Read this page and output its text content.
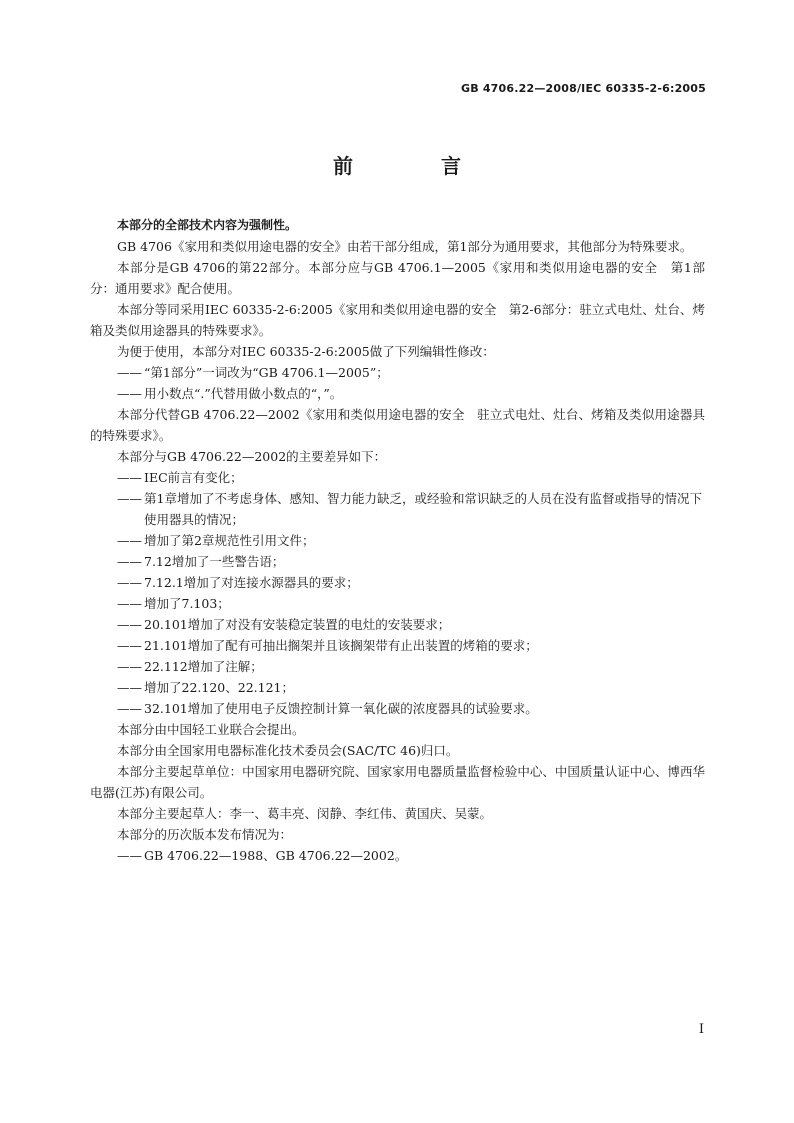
GB 4706.22—2008/IEC 60335-2-6:2005
前　言

本部分的全部技术内容为强制性。

GB 4706《家用和类似用途电器的安全》由若干部分组成，第1部分为通用要求，其他部分为特殊要求。

本部分是GB 4706的第22部分。本部分应与GB 4706.1—2005《家用和类似用途电器的安全　第1部分：通用要求》配合使用。

本部分等同采用IEC 60335-2-6:2005《家用和类似用途电器的安全　第2-6部分：驻立式电灶、灶台、烤箱及类似用途器具的特殊要求》。

为便于使用，本部分对IEC 60335-2-6:2005做了下列编辑性修改：

—— “第1部分”一词改为“GB 4706.1—2005”；

—— 用小数点“.”代替用做小数点的“，”。

本部分代替GB 4706.22—2002《家用和类似用途电器的安全　驻立式电灶、灶台、烤箱及类似用途器具的特殊要求》。

本部分与GB 4706.22—2002的主要差异如下：

—— IEC前言有变化；

—— 第1章增加了不考虑身体、感知、智力能力缺乏，或经验和常识缺乏的人员在没有监督或指导的情况下使用器具的情况；

—— 增加了第2章规范性引用文件；

—— 7.12增加了一些警告语；

—— 7.12.1增加了对连接水源器具的要求；

—— 增加了7.103；

—— 20.101增加了对没有安装稳定装置的电灶的安装要求；

—— 21.101增加了配有可抽出搁架并且该搁架带有止出装置的烤箱的要求；

—— 22.112增加了注解；

—— 增加了22.120、22.121；

—— 32.101增加了使用电子反馈控制计算一氧化碳的浓度器具的试验要求。

本部分由中国轻工业联合会提出。

本部分由全国家用电器标准化技术委员会(SAC/TC 46)归口。

本部分主要起草单位：中国家用电器研究院、国家家用电器质量监督检验中心、中国质量认证中心、博西华电器(江苏)有限公司。

本部分主要起草人：李一、葛丰亮、闵静、李红伟、黄国庆、吴蒙。

本部分的历次版本发布情况为：

—— GB 4706.22—1988、GB 4706.22—2002。

I
